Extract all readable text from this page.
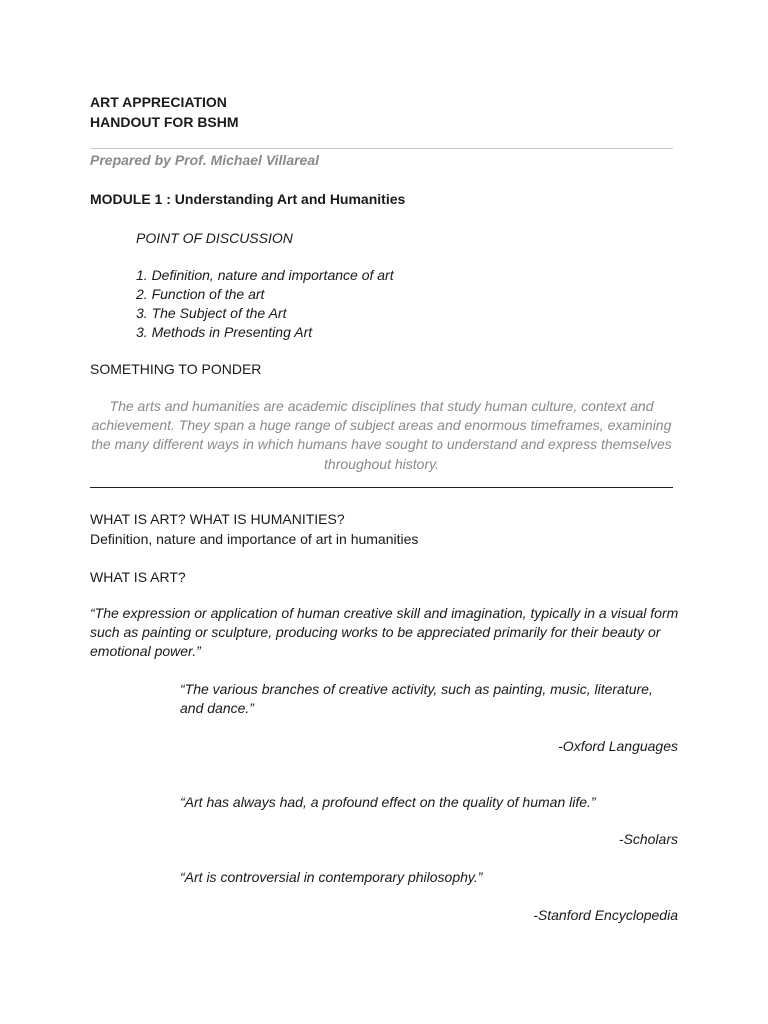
ART APPRECIATION
HANDOUT FOR BSHM
Prepared by Prof. Michael Villareal
MODULE 1 : Understanding Art and Humanities
POINT OF DISCUSSION
1. Definition, nature and importance of art
2. Function of the art
3. The Subject of the Art
3. Methods in Presenting Art
SOMETHING TO PONDER
The arts and humanities are academic disciplines that study human culture, context and achievement. They span a huge range of subject areas and enormous timeframes, examining the many different ways in which humans have sought to understand and express themselves throughout history.
WHAT IS ART? WHAT IS HUMANITIES?
Definition, nature and importance of art in humanities
WHAT IS ART?
“The expression or application of human creative skill and imagination, typically in a visual form such as painting or sculpture, producing works to be appreciated primarily for their beauty or emotional power.”
“The various branches of creative activity, such as painting, music, literature, and dance.”
-Oxford Languages
“Art has always had, a profound effect on the quality of human life.”
-Scholars
“Art is controversial in contemporary philosophy.”
-Stanford Encyclopedia
